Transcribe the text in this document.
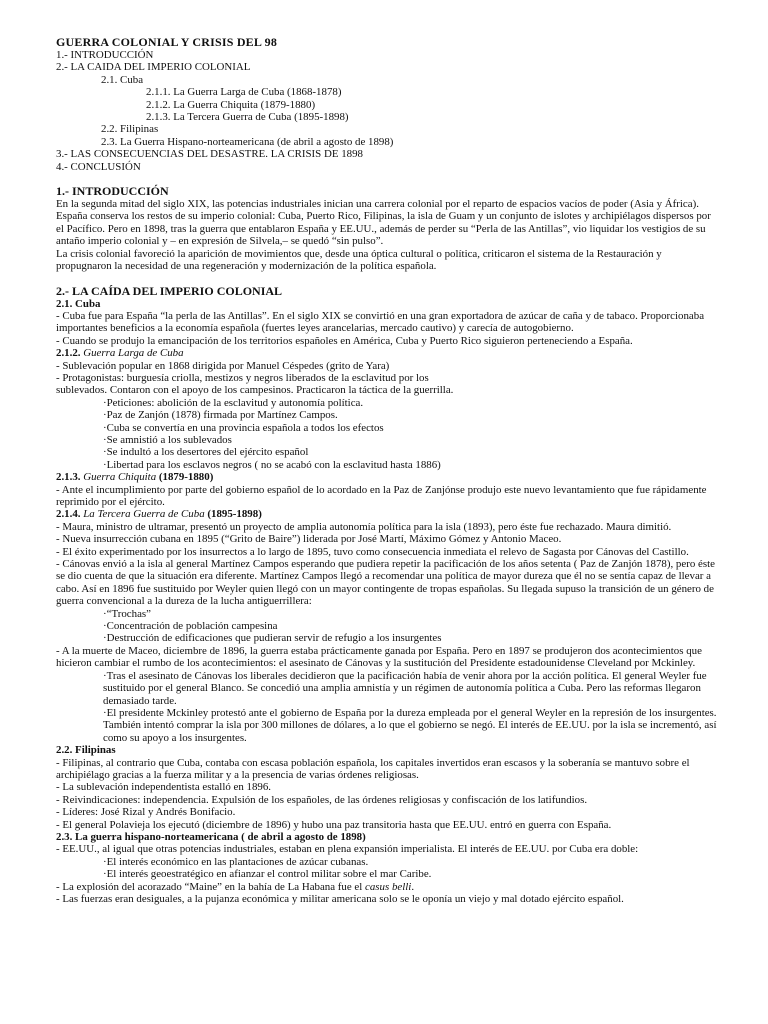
GUERRA COLONIAL Y CRISIS DEL 98
1.- INTRODUCCIÓN
2.- LA CAIDA DEL IMPERIO COLONIAL
2.1. Cuba
2.1.1. La Guerra Larga de Cuba (1868-1878)
2.1.2. La Guerra Chiquita (1879-1880)
2.1.3. La Tercera Guerra de Cuba (1895-1898)
2.2. Filipinas
2.3. La Guerra Hispano-norteamericana (de abril a agosto de 1898)
3.- LAS CONSECUENCIAS DEL DESASTRE. LA CRISIS DE 1898
4.- CONCLUSIÓN
1.- INTRODUCCIÓN

En la segunda mitad del siglo XIX, las potencias industriales inician una carrera colonial por el reparto de espacios vacíos de poder (Asia y África). España conserva los restos de su imperio colonial: Cuba, Puerto Rico, Filipinas, la isla de Guam y un conjunto de islotes y archipiélagos dispersos por el Pacífico. Pero en 1898, tras la guerra que entablaron España y EE.UU., además de perder su “Perla de las Antillas”, vio liquidar los vestigios de su antaño imperio colonial y – en expresión de Silvela,– se quedó “sin pulso”.

La crisis colonial favoreció la aparición de movimientos que, desde una óptica cultural o política, criticaron el sistema de la Restauración y propugnaron la necesidad de una regeneración y modernización de la política española.

2.- LA CAÍDA DEL IMPERIO COLONIAL
2.1. Cuba

- Cuba fue para España “la perla de las Antillas”. En el siglo XIX se convirtió en una gran exportadora de azúcar de caña y de tabaco. Proporcionaba importantes beneficios a la economía española (fuertes leyes arancelarias, mercado cautivo) y carecía de autogobierno.

- Cuando se produjo la emancipación de los territorios españoles en América, Cuba y Puerto Rico siguieron perteneciendo a España.

2.1.2. Guerra Larga de Cuba

- Sublevación popular en 1868 dirigida por Manuel Céspedes (grito de Yara)

- Protagonistas: burguesía criolla, mestizos y negros liberados de la esclavitud por los

sublevados. Contaron con el apoyo de los campesinos. Practicaron la táctica de la guerrilla.

·Peticiones: abolición de la esclavitud y autonomía política.
·Paz de Zanjón (1878) firmada por Martínez Campos.
·Cuba se convertía en una provincia española a todos los efectos
·Se amnistió a los sublevados
·Se indultó a los desertores del ejército español
·Libertad para los esclavos negros ( no se acabó con la esclavitud hasta 1886)
2.1.3. Guerra Chiquita (1879-1880)

- Ante el incumplimiento por parte del gobierno español de lo acordado en la Paz de Zanjónse produjo este nuevo levantamiento que fue rápidamente reprimido por el ejército.

2.1.4. La Tercera Guerra de Cuba (1895-1898)

- Maura, ministro de ultramar, presentó un proyecto de amplia autonomía política para la isla (1893), pero éste fue rechazado. Maura dimitió.

- Nueva insurrección cubana en 1895 (“Grito de Baire”) liderada por José Martí, Máximo Gómez y Antonio Maceo.

- El éxito experimentado por los insurrectos a lo largo de 1895, tuvo como consecuencia inmediata el relevo de Sagasta por Cánovas del Castillo.

- Cánovas envió a la isla al general Martínez Campos esperando que pudiera repetir la pacificación de los años setenta ( Paz de Zanjón 1878), pero éste se dio cuenta de que la situación era diferente. Martínez Campos llegó a recomendar una política de mayor dureza que él no se sentía capaz de llevar a cabo. Así en 1896 fue sustituido por Weyler quien llegó con un mayor contingente de tropas españolas. Su llegada supuso la transición de un género de guerra convencional a la dureza de la lucha antiguerrillera:

·“Trochas”
·Concentración de población campesina
·Destrucción de edificaciones que pudieran servir de refugio a los insurgentes

- A la muerte de Maceo, diciembre de 1896, la guerra estaba prácticamente ganada por España. Pero en 1897 se produjeron dos acontecimientos que hicieron cambiar el rumbo de los acontecimientos: el asesinato de Cánovas y la sustitución del Presidente estadounidense Cleveland por Mckinley.

·Tras el asesinato de Cánovas los liberales decidieron que la pacificación había de venir ahora por la acción política. El general Weyler fue sustituido por el general Blanco. Se concedió una amplia amnistía y un régimen de autonomía política a Cuba. Pero las reformas llegaron demasiado tarde.

·El presidente Mckinley protestó ante el gobierno de España por la dureza empleada por el general Weyler en la represión de los insurgentes. También intentó comprar la isla por 300 millones de dólares, a lo que el gobierno se negó. El interés de EE.UU. por la isla se incrementó, así como su apoyo a los insurgentes.

2.2. Filipinas

- Filipinas, al contrario que Cuba, contaba con escasa población española, los capitales invertidos eran escasos y la soberanía se mantuvo sobre el archipiélago gracias a la fuerza militar y a la presencia de varias órdenes religiosas.

- La sublevación independentista estalló en 1896.

- Reivindicaciones: independencia. Expulsión de los españoles, de las órdenes religiosas y confiscación de los latifundios.

- Líderes: José Rizal y Andrés Bonifacio.

- El general Polavieja los ejecutó (diciembre de 1896) y hubo una paz transitoria hasta que EE.UU. entró en guerra con España.

2.3. La guerra hispano-norteamericana ( de abril a agosto de 1898)

- EE.UU., al igual que otras potencias industriales, estaban en plena expansión imperialista. El interés de EE.UU. por Cuba era doble:

·El interés económico en las plantaciones de azúcar cubanas.
·El interés geoestratégico en afianzar el control militar sobre el mar Caribe.

- La explosión del acorazado “Maine” en la bahía de La Habana fue el casus belli.

- Las fuerzas eran desiguales, a la pujanza económica y militar americana solo se le oponía un viejo y mal dotado ejército español.
